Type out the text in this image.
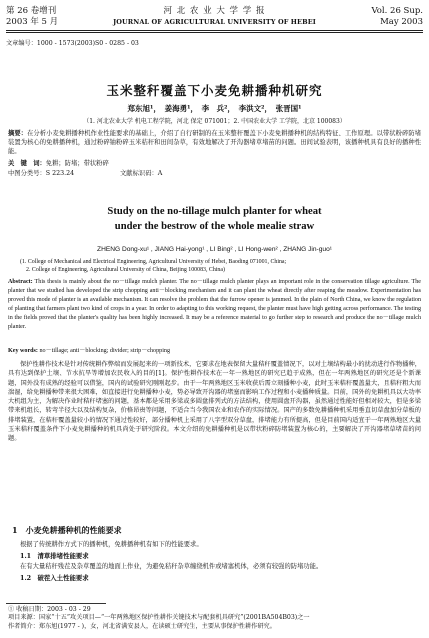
第 26 卷增刊
2003 年 5 月
河 北 农 业 大 学 学 报
JOURNAL OF AGRICULTURAL UNIVERSITY OF HEBEI
Vol. 26 Sup.
May 2003
文章编号：1000 - 1573(2003)S0 - 0285 - 03
玉米整秆覆盖下小麦免耕播种机研究
郑东旭¹，　姜海勇¹，　李　兵²，　李洪文²，　张晋国¹
（1. 河北农业大学 机电工程学院，河北 保定 071001；2. 中国农业大学 工学院，北京 100083）
摘要：在分析小麦免耕播种机作业性能要求的基础上，介绍了自行研制的在玉米整秆覆盖下小麦免耕播种机的结构特征、工作原理。以带状粉碎防堵装置为核心的免耕播种机，通过粉碎铀粉碎玉米秸秆和田间杂草，有效地解决了开沟器堵草堵苗的问题。田间试验表明，该播种机具有良好的播种性能。
关　键　词：免耕；防堵；带状粉碎
中图分类号：S 223.24	文献标识码：A
Study on the no-tillage mulch planter for wheat
under the bestrow of the whole mealie straw
ZHENG Dong-xu¹ , JIANG Hai-yong¹ , LI Bing² , LI Hong-wen² , ZHANG Jin-guo¹
(1. College of Mechanical and Electrical Engineering, Agricultural University of Hebei, Baoding 071001, China;
2. College of Engineering, Agricultural University of China, Beijing 100083, China)
Abstract: This thesis is mainly about the no－tillage mulch planter. The no－tillage mulch planter plays an important role in the conservation tillage agriculture. The planter that we studied has developed the strip chopping anti－blocking mechanism and it can plant the wheat directly after reaping the meadow. Experimentation has proved this mode of planter is an available mechanism. It can resolve the problem that the furrow opener is jammed. In the plain of North China, we know the regulation of planting that farmers plant two kind of crops in a year. In order to adapting to this working request, the planter must have high getting across performance. The testing in the fields proved that the planter's quality has been highly increased. It may be a reference material to go further step to research and produce the no－tillage mulch planter.
Key words: no－tillage; anti－blocking; divider; strip－chopping
保护性耕作技术是针对传统耕作弊端而发展起来的一项新技术，它要求在地表保留大量秸秆覆盖情况下，以对土壤结构最小的扰动进行作物播种，具有达到保护土壤、节水抗旱等增加农民收入的目的[1]。保护性耕作技术在一年一熟地区的研究已趋于成熟，但在一年两熟地区的研究还是个新课题，国外没有成熟的经验可以借鉴，国内的试验研究刚刚起步。由于一年两熟地区玉米收获后需立刻播种小麦，此时玉米秸秆覆盖量大，且秸秆粗大而湍湿，给免耕播种带来很大困难，如直接进行免耕播种小麦，势必导致开沟器的堵塞而影响工作过程和小麦播种质量。目前，国外的免耕机具以大功率大机组为主，为解决作业时秸秆堵塞的问题，基本都是采用多梁或多圆盘排列式的方法结构，使用圆盘开沟器，虽然通过性能好但相对较大，但是多梁带来机组长，转弯半径大以及结构复杂，价格昂贵等问题，不适合当今我国农业和农作的实际情况。国产的多数免耕播种机采用垂直切草盘加分草板的排堵装置，在秸秆覆盖量较小的情况下通过性较好，部分播种机上采用了八字型双分草盘，排堵能力有所提高，但是目前国内适宜于一年两熟地区大量玉米秸秆覆盖条件下小麦免耕播种的机具尚处于研究阶段。本文介绍的免耕播种机是以带状粉碎防堵装置为核心的，主要解决了开沟器堵草堵苗的问题。
1　小麦免耕播种机的性能要求
根据了传统耕作方式下的播种机，免耕播种机有如下的性能要求。
1.1　清草排堵性能要求
在有大量秸秆残茬及杂草覆盖的地面上作业，为避免秸秆杂草缠绕机件或堵塞机体，必须有较强的防堵功能。
1.2　破茬入土性能要求
① 收稿日期：2003 - 03 - 29
项目来源：国家“十五”攻关项目—“一年两熟地区保护性耕作关键技术与配套机具研究”(2001BA504B03)之一
作者简介：郑东旭(1977 - )，女，河北省满安县人，在读硕士研究生，主要从事保护性耕作研究。
